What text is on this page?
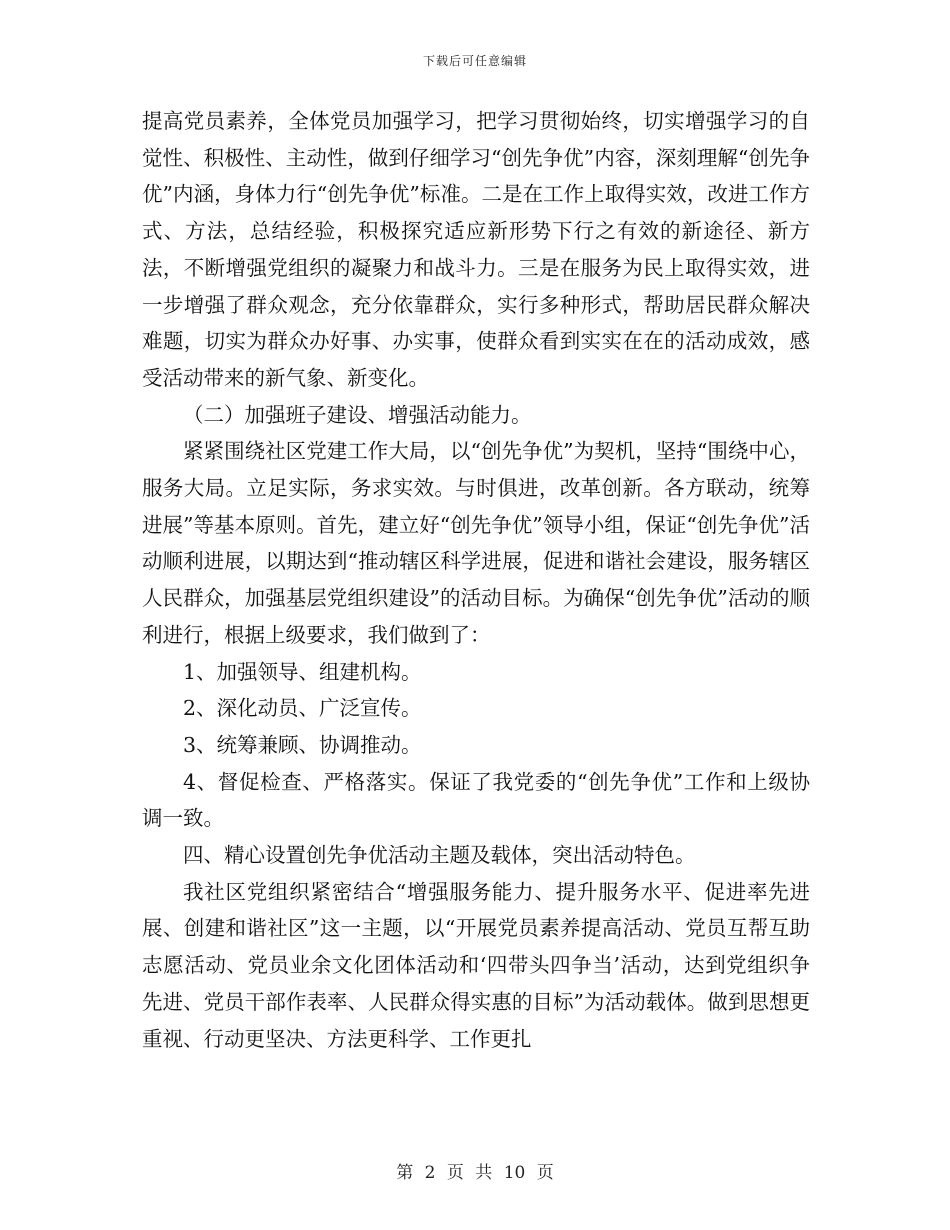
下载后可任意编辑

提高党员素养，全体党员加强学习，把学习贯彻始终，切实增强学习的自觉性、积极性、主动性，做到仔细学习“创先争优”内容，深刻理解“创先争优”内涵，身体力行“创先争优”标准。二是在工作上取得实效，改进工作方式、方法，总结经验，积极探究适应新形势下行之有效的新途径、新方法，不断增强党组织的凝聚力和战斗力。三是在服务为民上取得实效，进一步增强了群众观念，充分依靠群众，实行多种形式，帮助居民群众解决难题，切实为群众办好事、办实事，使群众看到实实在在的活动成效，感受活动带来的新气象、新变化。

（二）加强班子建设、增强活动能力。

紧紧围绕社区党建工作大局，以“创先争优”为契机，坚持“围绕中心，服务大局。立足实际，务求实效。与时俱进，改革创新。各方联动，统筹进展”等基本原则。首先，建立好“创先争优”领导小组，保证“创先争优”活动顺利进展，以期达到“推动辖区科学进展，促进和谐社会建设，服务辖区人民群众，加强基层党组织建设”的活动目标。为确保“创先争优”活动的顺利进行，根据上级要求，我们做到了：

1、加强领导、组建机构。

2、深化动员、广泛宣传。

3、统筹兼顾、协调推动。

4、督促检查、严格落实。保证了我党委的“创先争优”工作和上级协调一致。

四、精心设置创先争优活动主题及载体，突出活动特色。

我社区党组织紧密结合“增强服务能力、提升服务水平、促进率先进展、创建和谐社区”这一主题，以“开展党员素养提高活动、党员互帮互助志愿活动、党员业余文化团体活动和‘四带头四争当’活动，达到党组织争先进、党员干部作表率、人民群众得实惠的目标”为活动载体。做到思想更重视、行动更坚决、方法更科学、工作更扎

第 2 页 共 10 页
